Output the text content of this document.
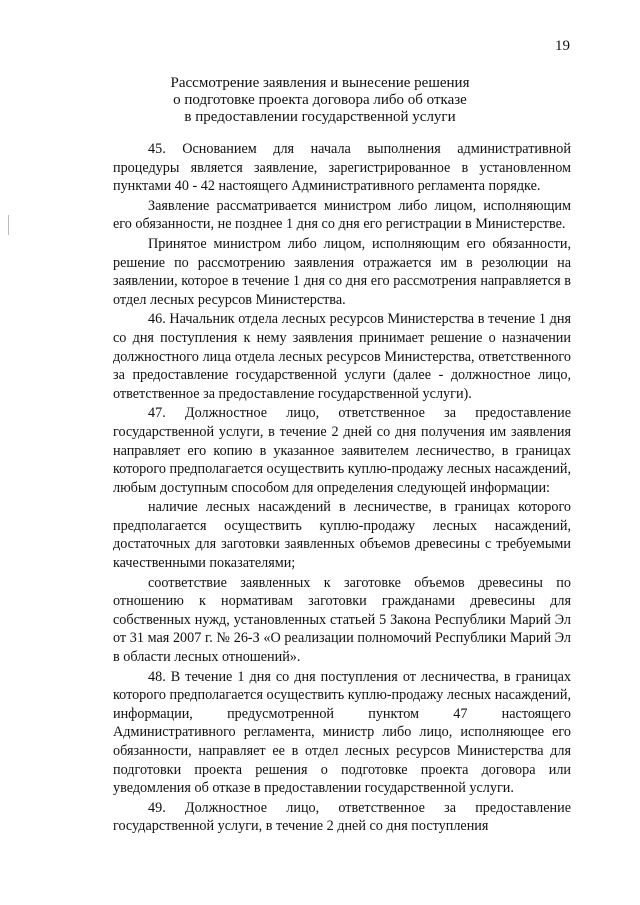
19
Рассмотрение заявления и вынесение решения
о подготовке проекта договора либо об отказе
в предоставлении государственной услуги

45. Основанием для начала выполнения административной процедуры является заявление, зарегистрированное в установленном пунктами 40 - 42 настоящего Административного регламента порядке.

Заявление рассматривается министром либо лицом, исполняющим его обязанности, не позднее 1 дня со дня его регистрации в Министерстве.

Принятое министром либо лицом, исполняющим его обязанности, решение по рассмотрению заявления отражается им в резолюции на заявлении, которое в течение 1 дня со дня его рассмотрения направляется в отдел лесных ресурсов Министерства.

46. Начальник отдела лесных ресурсов Министерства в течение 1 дня со дня поступления к нему заявления принимает решение о назначении должностного лица отдела лесных ресурсов Министерства, ответственного за предоставление государственной услуги (далее - должностное лицо, ответственное за предоставление государственной услуги).

47. Должностное лицо, ответственное за предоставление государственной услуги, в течение 2 дней со дня получения им заявления направляет его копию в указанное заявителем лесничество, в границах которого предполагается осуществить куплю-продажу лесных насаждений, любым доступным способом для определения следующей информации:

наличие лесных насаждений в лесничестве, в границах которого предполагается осуществить куплю-продажу лесных насаждений, достаточных для заготовки заявленных объемов древесины с требуемыми качественными показателями;

соответствие заявленных к заготовке объемов древесины по отношению к нормативам заготовки гражданами древесины для собственных нужд, установленных статьей 5 Закона Республики Марий Эл от 31 мая 2007 г. № 26-З «О реализации полномочий Республики Марий Эл в области лесных отношений».

48. В течение 1 дня со дня поступления от лесничества, в границах которого предполагается осуществить куплю-продажу лесных насаждений, информации, предусмотренной пунктом 47 настоящего Административного регламента, министр либо лицо, исполняющее его обязанности, направляет ее в отдел лесных ресурсов Министерства для подготовки проекта решения о подготовке проекта договора или уведомления об отказе в предоставлении государственной услуги.

49. Должностное лицо, ответственное за предоставление государственной услуги, в течение 2 дней со дня поступления
